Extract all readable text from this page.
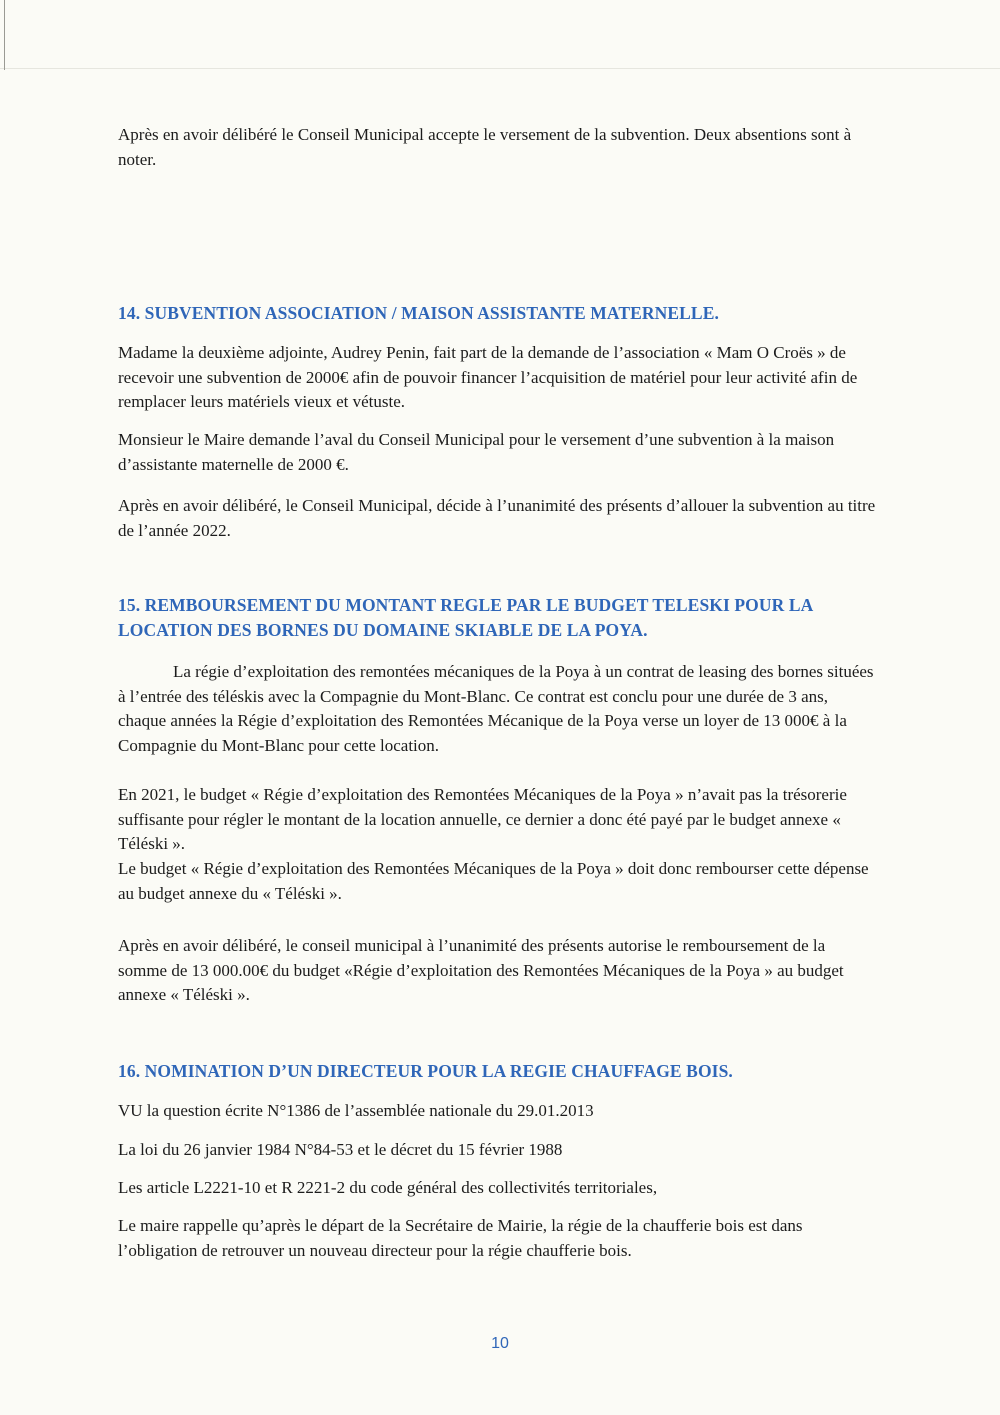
Après en avoir délibéré le Conseil Municipal accepte le versement de la subvention. Deux absentions sont à noter.

14. SUBVENTION ASSOCIATION / MAISON ASSISTANTE MATERNELLE.

Madame la deuxième adjointe, Audrey Penin, fait part de la demande de l’association « Mam O Croës » de recevoir une subvention de 2000€ afin de pouvoir financer l’acquisition de matériel pour leur activité afin de remplacer leurs matériels vieux et vétuste.

Monsieur le Maire demande l’aval du Conseil Municipal pour le versement d’une subvention à la maison d’assistante maternelle de 2000 €.

Après en avoir délibéré, le Conseil Municipal, décide à l’unanimité des présents d’allouer la subvention au titre de l’année 2022.

15. REMBOURSEMENT DU MONTANT REGLE PAR LE BUDGET TELESKI POUR LA LOCATION DES BORNES DU DOMAINE SKIABLE DE LA POYA.

La régie d’exploitation des remontées mécaniques de la Poya à un contrat de leasing des bornes situées à l’entrée des téléskis avec la Compagnie du Mont-Blanc. Ce contrat est conclu pour une durée de 3 ans, chaque années la Régie d’exploitation des Remontées Mécanique de la Poya verse un loyer de 13 000€ à la Compagnie du Mont-Blanc pour cette location.

En 2021, le budget « Régie d’exploitation des Remontées Mécaniques de la Poya » n’avait pas la trésorerie suffisante pour régler le montant de la location annuelle, ce dernier a donc été payé par le budget annexe « Téléski ».

Le budget « Régie d’exploitation des Remontées Mécaniques de la Poya » doit donc rembourser cette dépense au budget annexe du « Téléski ».

Après en avoir délibéré, le conseil municipal à l’unanimité des présents autorise le remboursement de la somme de 13 000.00€ du budget «Régie d’exploitation des Remontées Mécaniques de la Poya » au budget annexe « Téléski ».

16. NOMINATION D’UN DIRECTEUR POUR LA REGIE CHAUFFAGE BOIS.

VU la question écrite N°1386 de l’assemblée nationale du 29.01.2013

La loi du 26 janvier 1984 N°84-53 et le décret du 15 février 1988

Les article L2221-10 et R 2221-2 du code général des collectivités territoriales,

Le maire rappelle qu’après le départ de la Secrétaire de Mairie, la régie de la chaufferie bois est dans l’obligation de retrouver un nouveau directeur pour la régie chaufferie bois.

10
